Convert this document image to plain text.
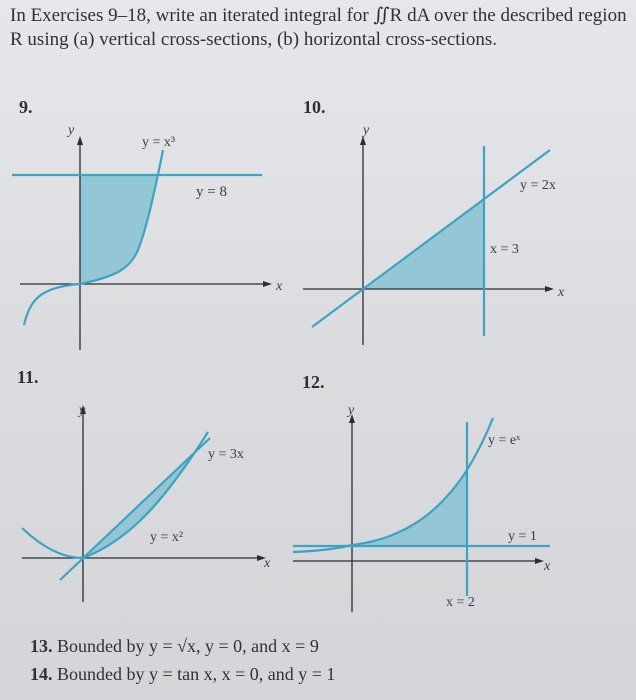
In Exercises 9–18, write an iterated integral for ∬R dA over the described region R using (a) vertical cross-sections, (b) horizontal cross-sections.
9.	10.
11.	12.
y
x
y = x³
y = 8
y
x
y = 2x
x = 3
y
x
y = 3x
y = x²
y
x
y = eˣ
y = 1
x = 2
13. Bounded by y = √x, y = 0, and x = 9
14. Bounded by y = tan x, x = 0, and y = 1
